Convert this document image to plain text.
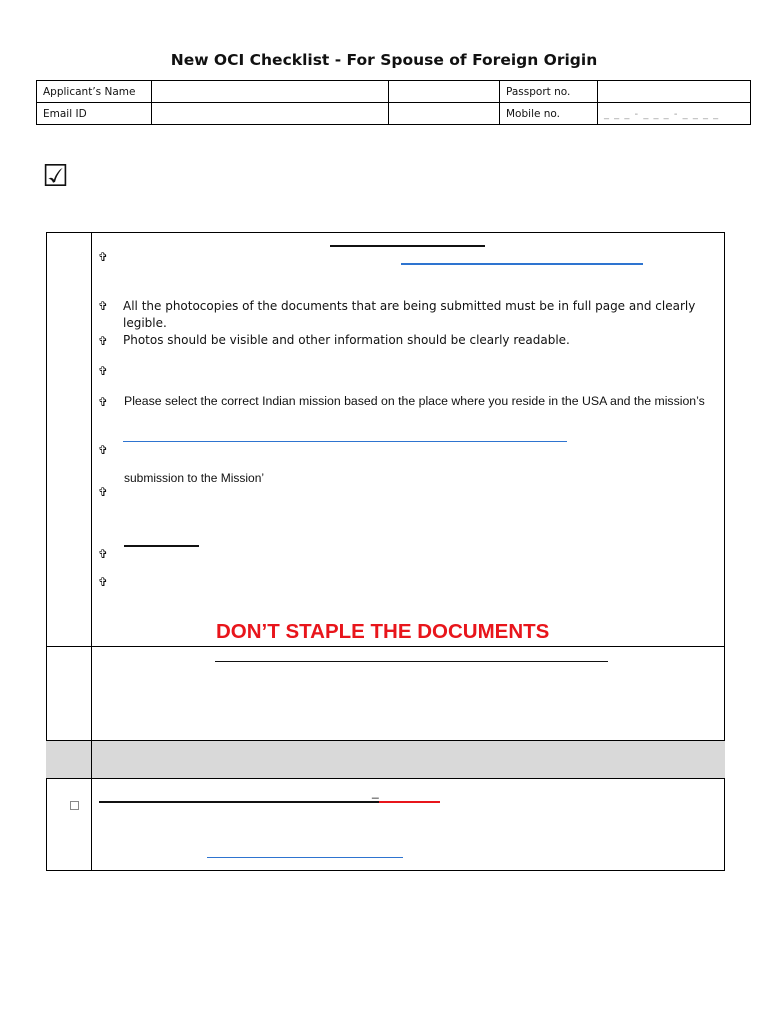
New OCI Checklist - For Spouse of Foreign Origin
Applicant’s Name			Passport no.	
Email ID			Mobile no.	_ _ _ - _ _ _ - _ _ _ _
☑
✞
✞ All the photocopies of the documents that are being submitted must be in full page and clearly legible.
Photos should be visible and other information should be clearly readable.
✞
✞
✞ Please select the correct Indian mission based on the place where you reside in the USA and the mission’s
✞
submission to the Mission’
✞
✞
✞
DON’T STAPLE THE DOCUMENTS
_
